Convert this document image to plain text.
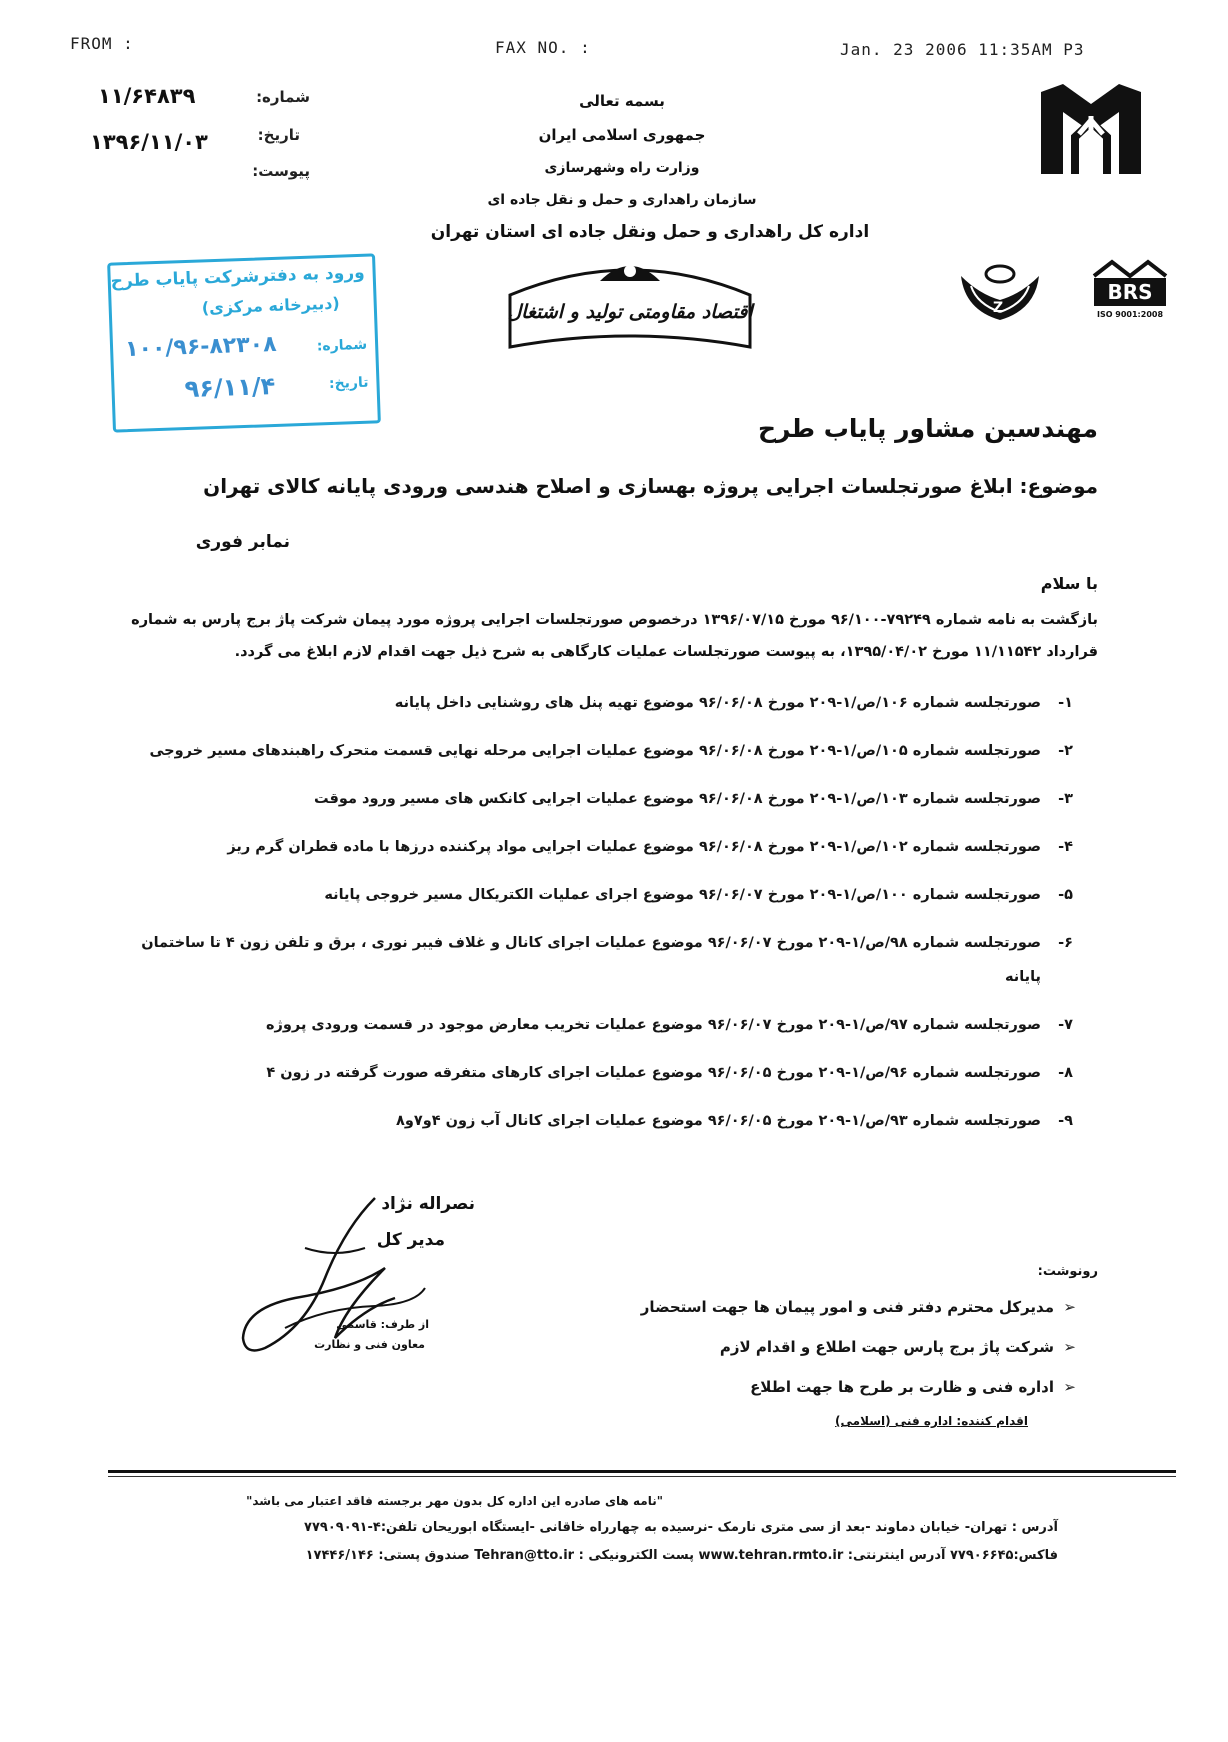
FROM :	FAX NO. :	Jan. 23 2006 11:35AM P3
شماره:
۱۱/۶۴۸۳۹
تاریخ:
۱۳۹۶/۱۱/۰۳
پیوست:
بسمه تعالی
جمهوری اسلامی ایران
وزارت راه وشهرسازی
سازمان راهداری و حمل و نقل جاده ای
اداره کل راهداری و حمل ونقل جاده ای استان تهران
اقتصاد مقاومتی تولید و اشتغال	Z
BRS
ISO 9001:2008
ورود به دفترشرکت پایاب طرح
(دبیرخانه مرکزی)
شماره:
۱۰۰/۹۶-۸۲۳۰۸
تاریخ:
۹۶/۱۱/۴
مهندسین مشاور پایاب طرح
موضوع: ابلاغ صورتجلسات اجرایی پروژه بهسازی و اصلاح هندسی ورودی پایانه کالای تهران
نمابر فوری
با سلام
بازگشت به نامه شماره ۷۹۲۴۹-۹۶/۱۰۰ مورخ ۱۳۹۶/۰۷/۱۵ درخصوص صورتجلسات اجرایی پروژه مورد پیمان شرکت پاژ برج پارس به شماره
قرارداد ۱۱/۱۱۵۴۲ مورخ ۱۳۹۵/۰۴/۰۲، به پیوست صورتجلسات عملیات کارگاهی به شرح ذیل جهت اقدام لازم ابلاغ می گردد.
۱-صورتجلسه شماره ۱۰۶/ص/۱-۲۰۹ مورخ ۹۶/۰۶/۰۸ موضوع تهیه پنل های روشنایی داخل پایانه
۲-صورتجلسه شماره ۱۰۵/ص/۱-۲۰۹ مورخ ۹۶/۰۶/۰۸ موضوع عملیات اجرایی مرحله نهایی قسمت متحرک راهبندهای مسیر خروجی
۳-صورتجلسه شماره ۱۰۳/ص/۱-۲۰۹ مورخ ۹۶/۰۶/۰۸ موضوع عملیات اجرایی کانکس های مسیر ورود موقت
۴-صورتجلسه شماره ۱۰۲/ص/۱-۲۰۹ مورخ ۹۶/۰۶/۰۸ موضوع عملیات اجرایی مواد پرکننده درزها با ماده قطران گرم ریز
۵-صورتجلسه شماره ۱۰۰/ص/۱-۲۰۹ مورخ ۹۶/۰۶/۰۷ موضوع اجرای عملیات الکتریکال مسیر خروجی پایانه
۶-صورتجلسه شماره ۹۸/ص/۱-۲۰۹ مورخ ۹۶/۰۶/۰۷ موضوع عملیات اجرای کانال و غلاف فیبر نوری ، برق و تلفن زون ۴ تا ساختمان
پایانه
۷-صورتجلسه شماره ۹۷/ص/۱-۲۰۹ مورخ ۹۶/۰۶/۰۷ موضوع عملیات تخریب معارض موجود در قسمت ورودی پروژه
۸-صورتجلسه شماره ۹۶/ص/۱-۲۰۹ مورخ ۹۶/۰۶/۰۵ موضوع عملیات اجرای کارهای متفرقه صورت گرفته در زون ۴
۹-صورتجلسه شماره ۹۳/ص/۱-۲۰۹ مورخ ۹۶/۰۶/۰۵ موضوع عملیات اجرای کانال آب زون ۴و۷و۸
نصراله نژاد
مدیر کل
از طرف: قاسمی
معاون فنی و نظارت
رونوشت:
➢مدیرکل محترم دفتر فنی و امور پیمان ها جهت استحضار
➢شرکت پاژ برج پارس جهت اطلاع و اقدام لازم
➢اداره فنی و ظارت بر طرح ها جهت اطلاع
اقدام کننده: اداره فنی (اسلامی)
"نامه های صادره این اداره کل بدون مهر برجسته فاقد اعتبار می باشد"
آدرس : تهران- خیابان دماوند -بعد از سی متری نارمک -نرسیده به چهارراه خاقانی -ایستگاه ابوریحان تلفن:۴-۷۷۹۰۹۰۹۱
فاکس:۷۷۹۰۶۶۴۵ آدرس اینترنتی: www.tehran.rmto.ir پست الکترونیکی : Tehran@tto.ir صندوق پستی: ۱۷۴۴۶/۱۴۶
